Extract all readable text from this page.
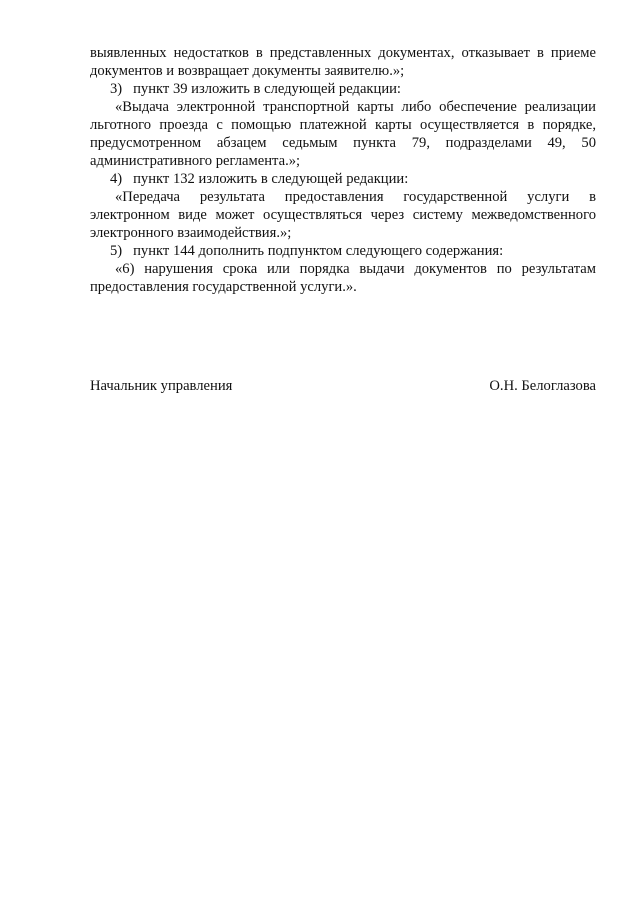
выявленных недостатков в представленных документах, отказывает в приеме документов и возвращает документы заявителю.»;

3)   пункт 39 изложить в следующей редакции:

«Выдача электронной транспортной карты либо обеспечение реализации льготного проезда с помощью платежной карты осуществляется в порядке, предусмотренном абзацем седьмым пункта 79, подразделами 49, 50 административного регламента.»;

4)   пункт 132 изложить в следующей редакции:

«Передача результата предоставления государственной услуги в электронном виде может осуществляться через систему межведомственного электронного взаимодействия.»;

5)   пункт 144 дополнить подпунктом следующего содержания:

«6) нарушения срока или порядка выдачи документов по результатам предоставления государственной услуги.».

Начальник управления	О.Н. Белоглазова
